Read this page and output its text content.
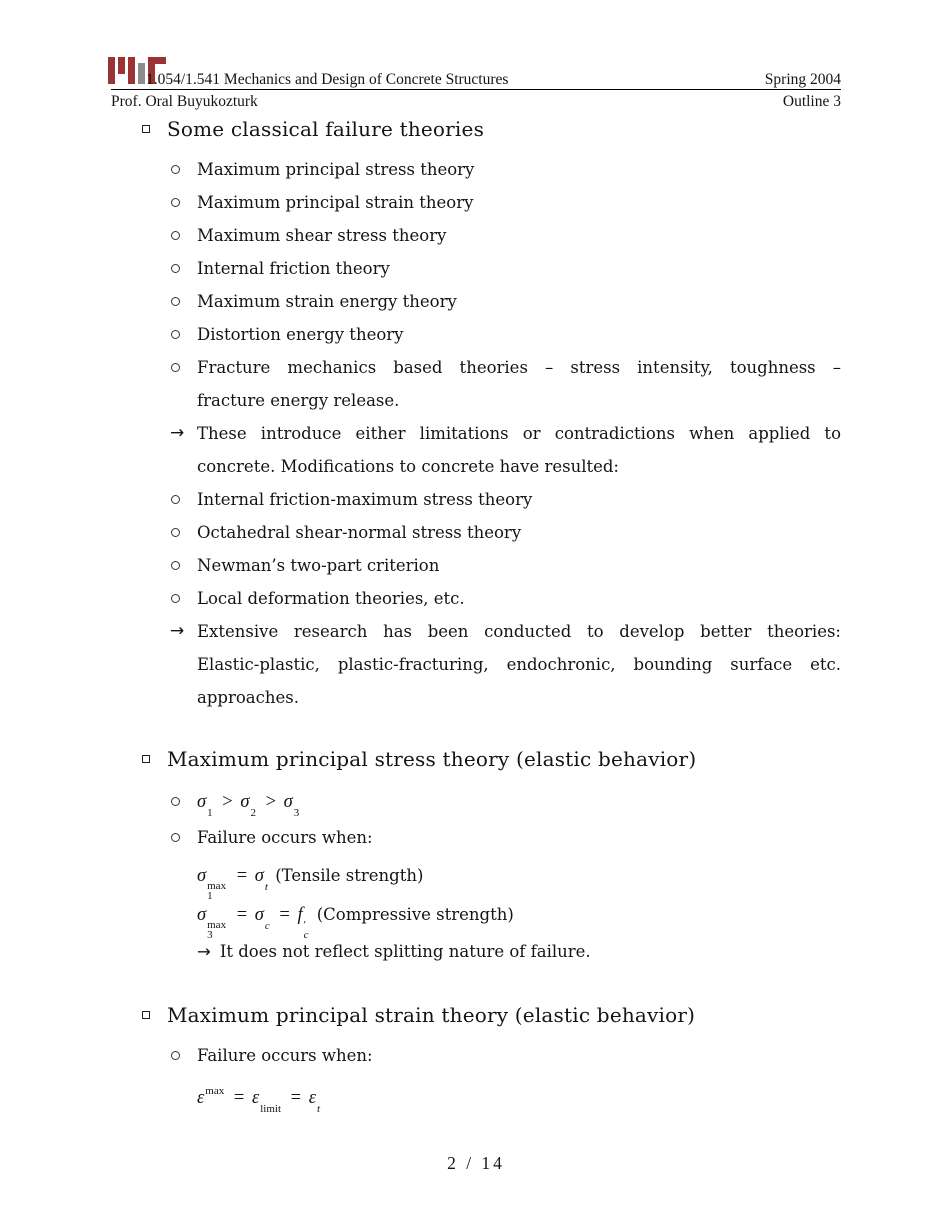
1.054/1.541 Mechanics and Design of Concrete Structures	Spring 2004
Prof. Oral Buyukozturk	Outline 3
Some classical failure theories
Maximum principal stress theory
Maximum principal strain theory
Maximum shear stress theory
Internal friction theory
Maximum strain energy theory
Distortion energy theory
Fracture mechanics based theories – stress intensity, toughness –
fracture energy release.
→ These introduce either limitations or contradictions when applied to
concrete. Modifications to concrete have resulted:
Internal friction-maximum stress theory
Octahedral shear-normal stress theory
Newman’s two-part criterion
Local deformation theories, etc.
→ Extensive research has been conducted to develop better theories:
Elastic-plastic, plastic-fracturing, endochronic, bounding surface etc.
approaches.
Maximum principal stress theory (elastic behavior)
$\sigma_1 > \sigma_2 > \sigma_3$
Failure occurs when:
σ max
1
= $\sigma_t$ (Tensile strength)
σ max
3
= $\sigma_c = f$ ′
c
(Compressive strength)
→ It does not reflect splitting nature of failure.
Maximum principal strain theory (elastic behavior)
Failure occurs when:
$\varepsilon^{max} = \varepsilon_{limit} = \varepsilon_t$
2 / 14
